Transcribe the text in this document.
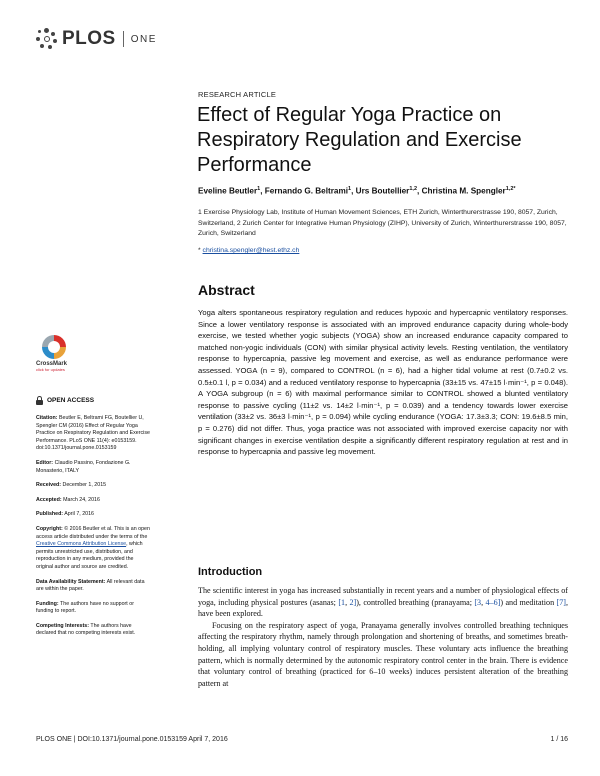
PLOS ONE
RESEARCH ARTICLE
Effect of Regular Yoga Practice on Respiratory Regulation and Exercise Performance
Eveline Beutler$^1$, Fernando G. Beltrami$^1$, Urs Boutellier$^{1,2}$, Christina M. Spengler$^{1,2*}$
1 Exercise Physiology Lab, Institute of Human Movement Sciences, ETH Zurich, Winterthurerstrasse 190, 8057, Zurich, Switzerland, 2 Zurich Center for Integrative Human Physiology (ZIHP), University of Zurich, Winterthurerstrasse 190, 8057, Zurich, Switzerland
* christina.spengler@hest.ethz.ch
Abstract

Yoga alters spontaneous respiratory regulation and reduces hypoxic and hypercapnic ventilatory responses. Since a lower ventilatory response is associated with an improved endurance capacity during whole-body exercise, we tested whether yogic subjects (YOGA) show an increased endurance capacity compared to matched non-yogic individuals (CON) with similar physical activity levels. Resting ventilation, the ventilatory response to hypercapnia, passive leg movement and exercise, as well as endurance performance were assessed. YOGA (n = 9), compared to CONTROL (n = 6), had a higher tidal volume at rest (0.7±0.2 vs. 0.5±0.1 l, p = 0.034) and a reduced ventilatory response to hypercapnia (33±15 vs. 47±15 l·min⁻¹, p = 0.048). A YOGA subgroup (n = 6) with maximal performance similar to CONTROL showed a blunted ventilatory response to passive cycling (11±2 vs. 14±2 l·min⁻¹, p = 0.039) and a tendency towards lower exercise ventilation (33±2 vs. 36±3 l·min⁻¹, p = 0.094) while cycling endurance (YOGA: 17.3±3.3; CON: 19.6±8.5 min, p = 0.276) did not differ. Thus, yoga practice was not associated with improved exercise capacity nor with significant changes in exercise ventilation despite a significantly different respiratory regulation at rest and in response to hypercapnia and passive leg movement.

Introduction

The scientific interest in yoga has increased substantially in recent years and a number of physiological effects of yoga, including physical postures (asanas; [1, 2]), controlled breathing (pranayama; [3, 4–6]) and meditation [7], have been explored.

Focusing on the respiratory aspect of yoga, Pranayama generally involves controlled breathing techniques affecting the respiratory rhythm, namely through prolongation and shortening of breaths, and sometimes breath-holding, all implying voluntary control of respiratory muscles. These voluntary acts influence the breathing pattern, which is normally determined by the autonomic respiratory control center in the brain. There is evidence that voluntary control of breathing (practiced for 6–10 weeks) induces persistent alteration of the breathing pattern at

CrossMark
click for updates
OPEN ACCESS
Citation: Beutler E, Beltrami FG, Boutellier U, Spengler CM (2016) Effect of Regular Yoga Practice on Respiratory Regulation and Exercise Performance. PLoS ONE 11(4): e0153159. doi:10.1371/journal.pone.0153159
Editor: Claudio Passino, Fondazione G. Monasterio, ITALY
Received: December 1, 2015
Accepted: March 24, 2016
Published: April 7, 2016
Copyright: © 2016 Beutler et al. This is an open access article distributed under the terms of the Creative Commons Attribution License, which permits unrestricted use, distribution, and reproduction in any medium, provided the original author and source are credited.
Data Availability Statement: All relevant data are within the paper.
Funding: The authors have no support or funding to report.
Competing Interests: The authors have declared that no competing interests exist.
PLOS ONE | DOI:10.1371/journal.pone.0153159 April 7, 2016	1 / 16
